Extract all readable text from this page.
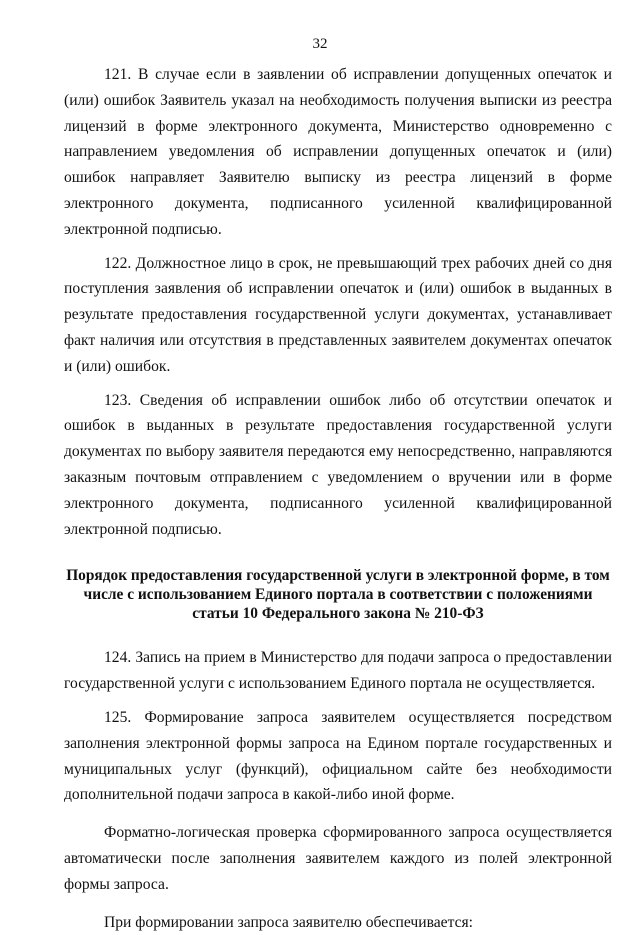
32

121. В случае если в заявлении об исправлении допущенных опечаток и (или) ошибок Заявитель указал на необходимость получения выписки из реестра лицензий в форме электронного документа, Министерство одновременно с направлением уведомления об исправлении допущенных опечаток и (или) ошибок направляет Заявителю выписку из реестра лицензий в форме электронного документа, подписанного усиленной квалифицированной электронной подписью.

122. Должностное лицо в срок, не превышающий трех рабочих дней со дня поступления заявления об исправлении опечаток и (или) ошибок в выданных в результате предоставления государственной услуги документах, устанавливает факт наличия или отсутствия в представленных заявителем документах опечаток и (или) ошибок.

123. Сведения об исправлении ошибок либо об отсутствии опечаток и ошибок в выданных в результате предоставления государственной услуги документах по выбору заявителя передаются ему непосредственно, направляются заказным почтовым отправлением с уведомлением о вручении или в форме электронного документа, подписанного усиленной квалифицированной электронной подписью.

Порядок предоставления государственной услуги в электронной форме, в том числе с использованием Единого портала в соответствии с положениями статьи 10 Федерального закона № 210-ФЗ

124. Запись на прием в Министерство для подачи запроса о предоставлении государственной услуги с использованием Единого портала не осуществляется.

125. Формирование запроса заявителем осуществляется посредством заполнения электронной формы запроса на Едином портале государственных и муниципальных услуг (функций), официальном сайте без необходимости дополнительной подачи запроса в какой-либо иной форме.

Форматно-логическая проверка сформированного запроса осуществляется автоматически после заполнения заявителем каждого из полей электронной формы запроса.

При формировании запроса заявителю обеспечивается:
